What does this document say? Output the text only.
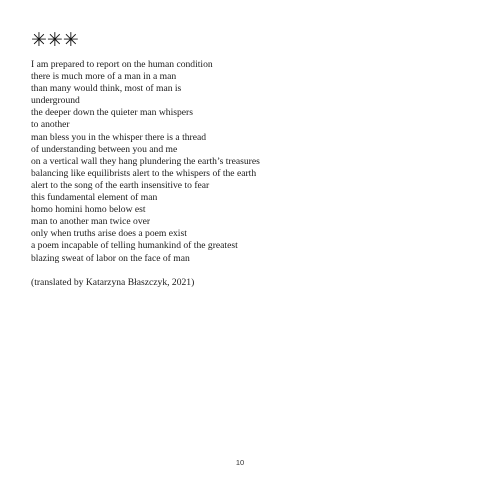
✳✳✳
I am prepared to report on the human condition
there is much more of a man in a man
than many would think, most of man is
underground
the deeper down the quieter man whispers
to another
man bless you in the whisper there is a thread
of understanding between you and me
on a vertical wall they hang plundering the earth’s treasures
balancing like equilibrists alert to the whispers of the earth
alert to the song of the earth insensitive to fear
this fundamental element of man
homo homini homo below est
man to another man twice over
only when truths arise does a poem exist
a poem incapable of telling humankind of the greatest
blazing sweat of labor on the face of man
(translated by Katarzyna Błaszczyk, 2021)
10
